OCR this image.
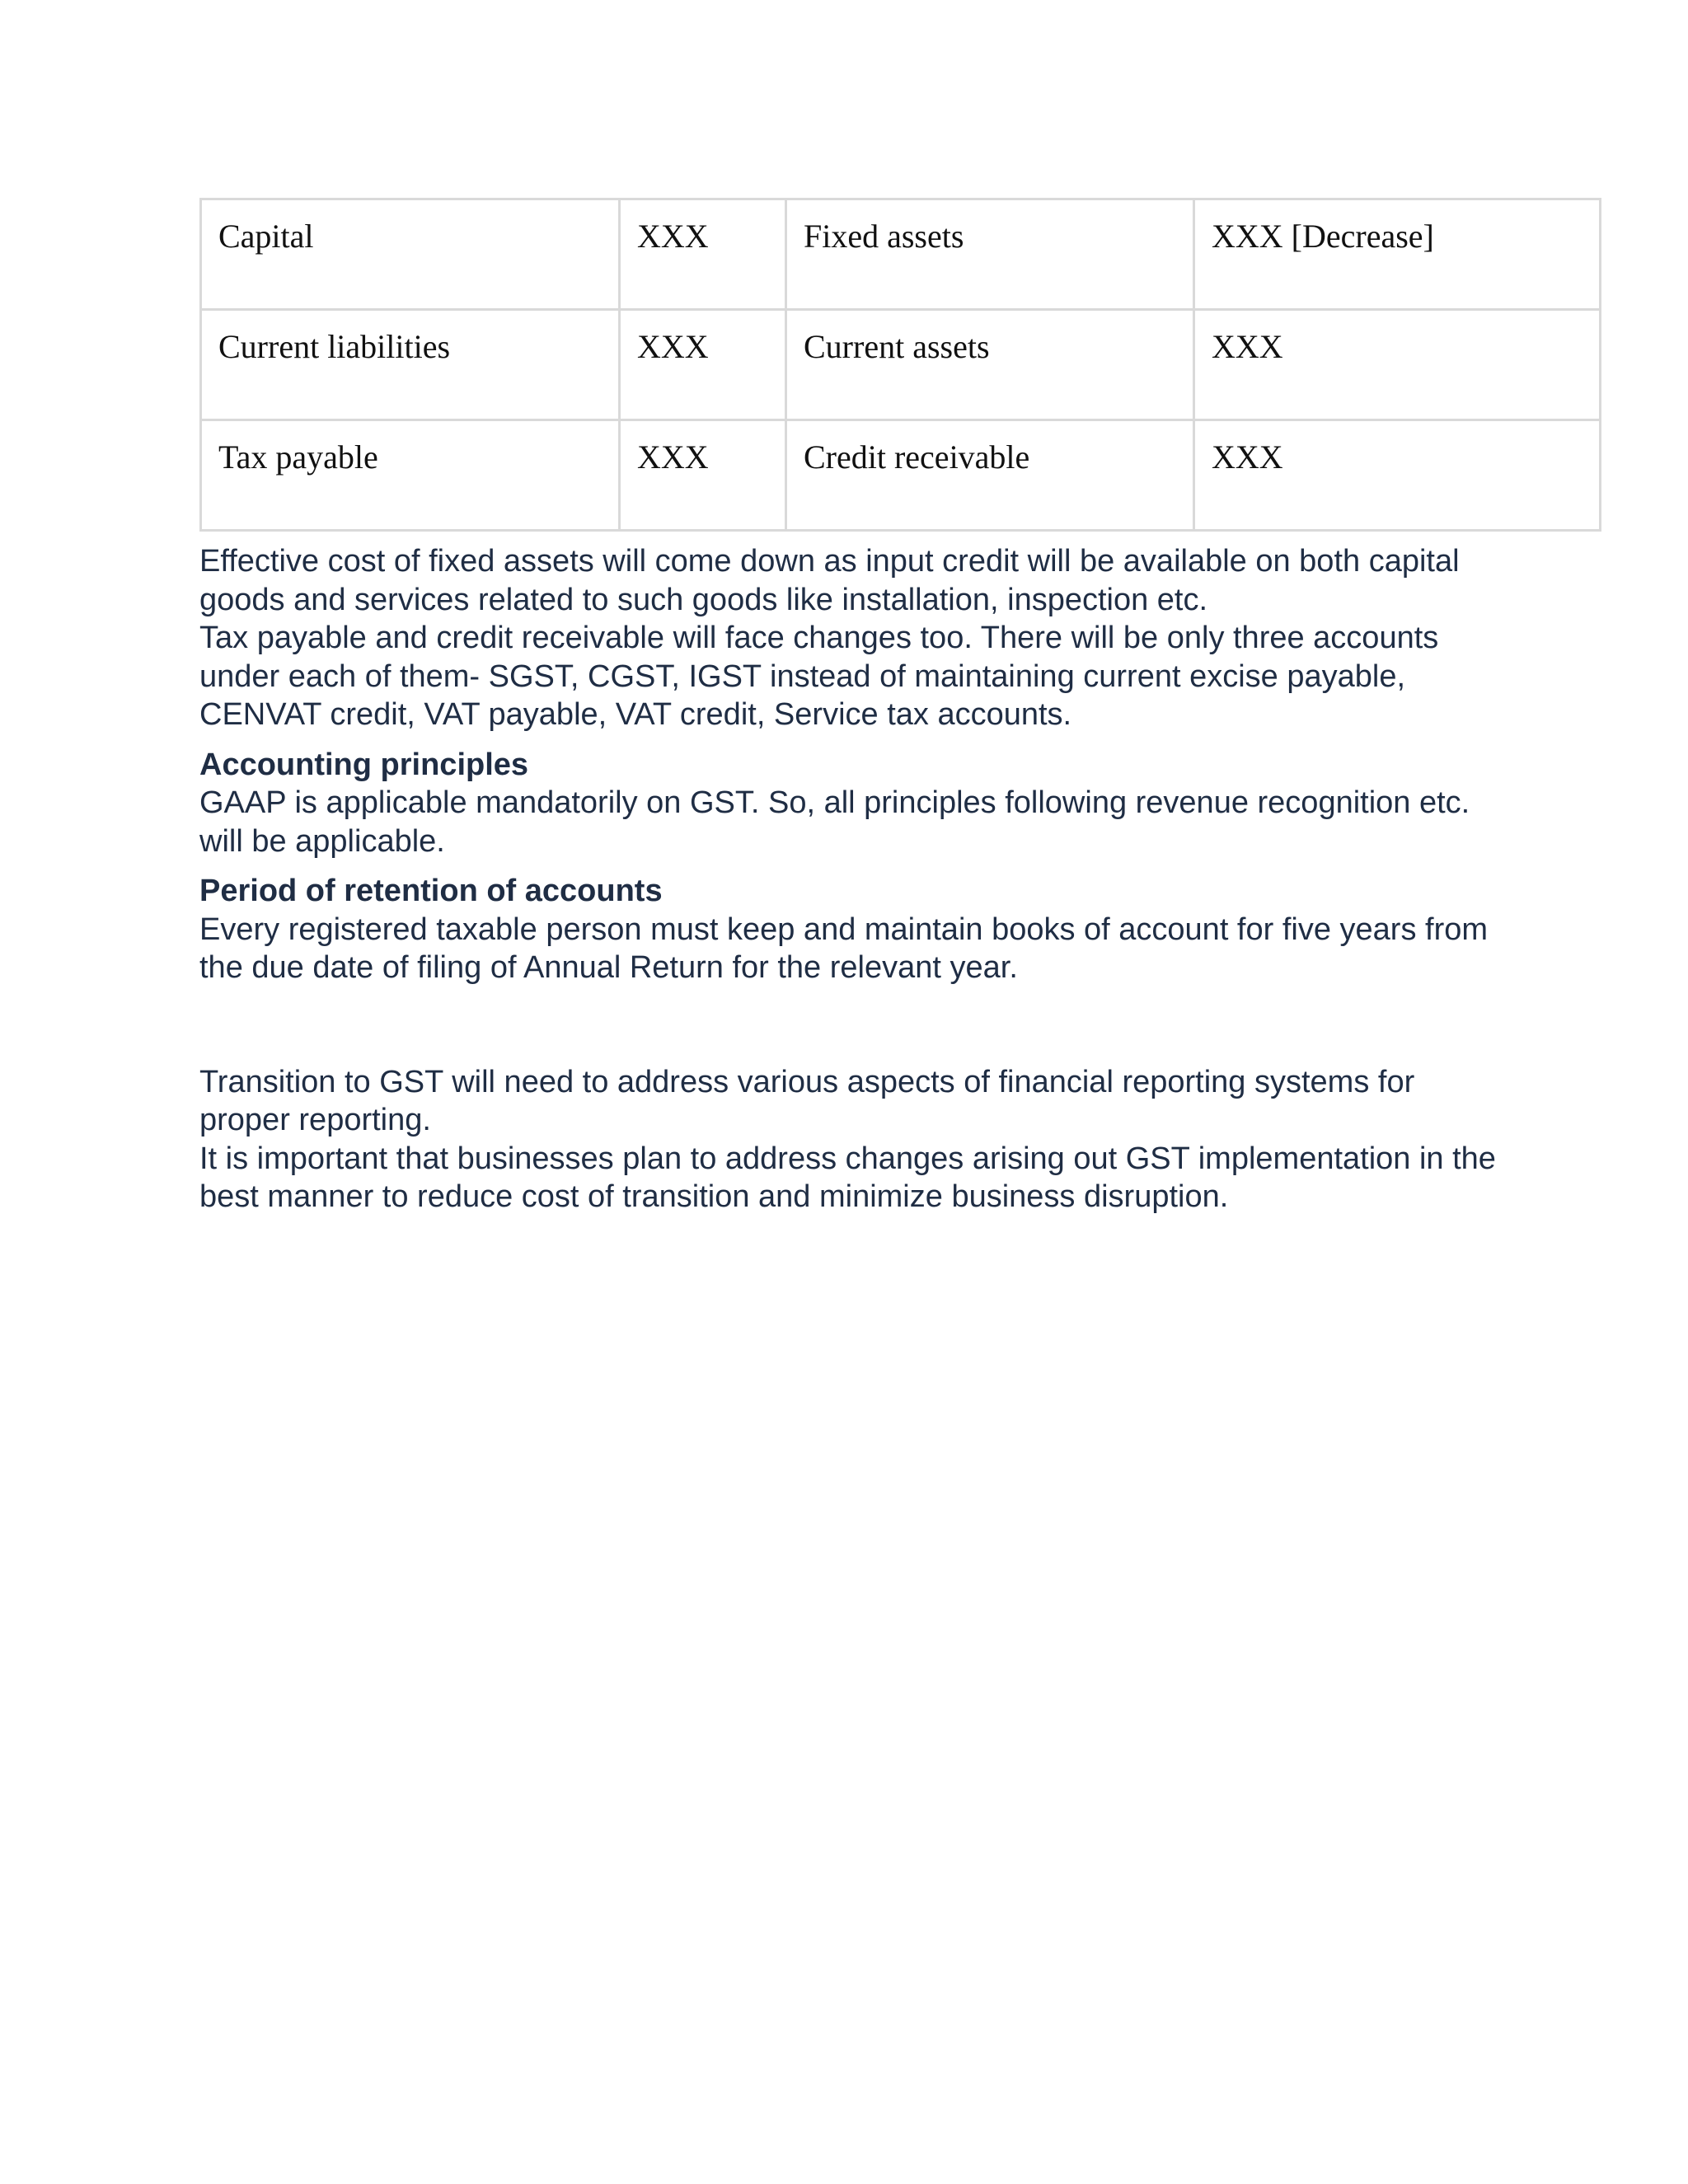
Capital	XXX	Fixed assets	XXX [Decrease]
Current liabilities	XXX	Current assets	XXX
Tax payable	XXX	Credit receivable	XXX

Effective cost of fixed assets will come down as input credit will be available on both capital goods and services related to such goods like installation, inspection etc.

Tax payable and credit receivable will face changes too. There will be only three accounts under each of them- SGST, CGST, IGST instead of maintaining current excise payable, CENVAT credit, VAT payable, VAT credit, Service tax accounts.

Accounting principles

GAAP is applicable mandatorily on GST. So, all principles following revenue recognition etc. will be applicable.

Period of retention of accounts

Every registered taxable person must keep and maintain books of account for five years from the due date of filing of Annual Return for the relevant year.

Transition to GST will need to address various aspects of financial reporting systems for proper reporting.

It is important that businesses plan to address changes arising out GST implementation in the best manner to reduce cost of transition and minimize business disruption.
